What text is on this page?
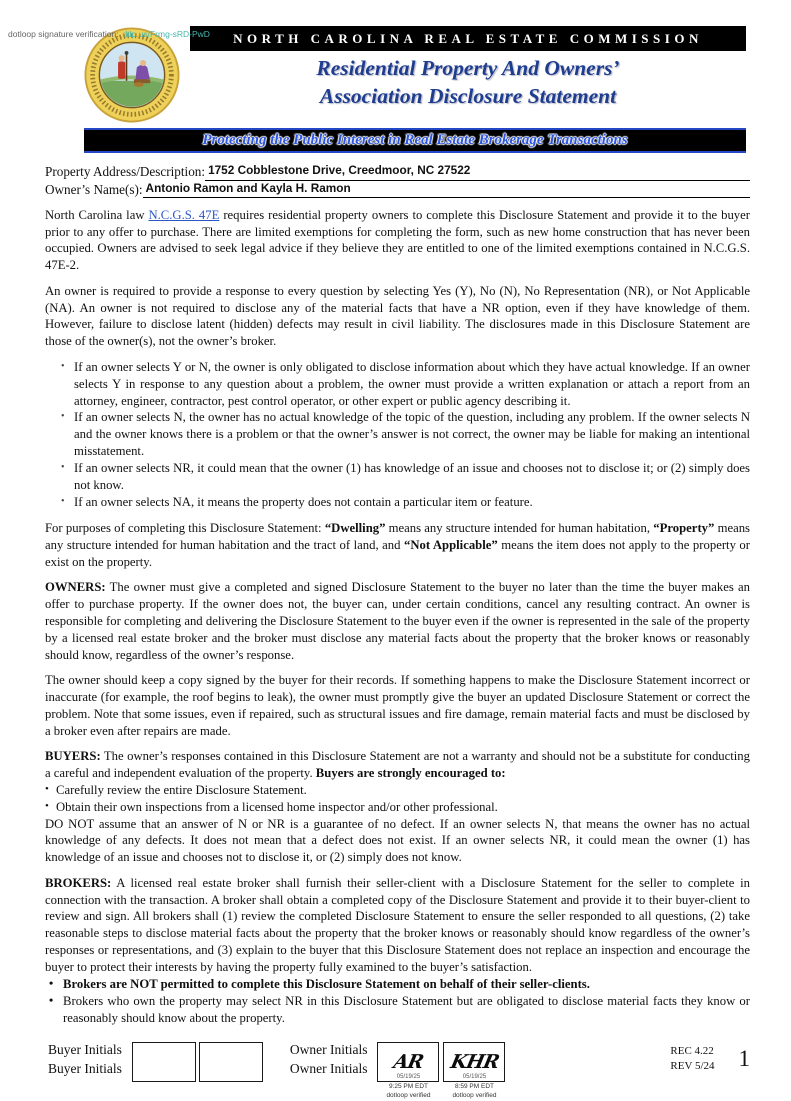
dotloop signature verification: dtlp.us/Frmg-sRD-PwD	NORTH CAROLINA REAL ESTATE COMMISSION
Residential Property And Owners’
Association Disclosure Statement
Protecting the Public Interest in Real Estate Brokerage Transactions
Property Address/Description: 1752 Cobblestone Drive, Creedmoor, NC 27522
Owner’s Name(s): Antonio Ramon and Kayla H. Ramon

North Carolina law N.C.G.S. 47E requires residential property owners to complete this Disclosure Statement and provide it to the buyer prior to any offer to purchase. There are limited exemptions for completing the form, such as new home construction that has never been occupied. Owners are advised to seek legal advice if they believe they are entitled to one of the limited exemptions contained in N.C.G.S. 47E-2.

An owner is required to provide a response to every question by selecting Yes (Y), No (N), No Representation (NR), or Not Applicable (NA). An owner is not required to disclose any of the material facts that have a NR option, even if they have knowledge of them. However, failure to disclose latent (hidden) defects may result in civil liability. The disclosures made in this Disclosure Statement are those of the owner(s), not the owner’s broker.

• If an owner selects Y or N, the owner is only obligated to disclose information about which they have actual knowledge. If an owner selects Y in response to any question about a problem, the owner must provide a written explanation or attach a report from an attorney, engineer, contractor, pest control operator, or other expert or public agency describing it.
• If an owner selects N, the owner has no actual knowledge of the topic of the question, including any problem. If the owner selects N and the owner knows there is a problem or that the owner’s answer is not correct, the owner may be liable for making an intentional misstatement.
• If an owner selects NR, it could mean that the owner (1) has knowledge of an issue and chooses not to disclose it; or (2) simply does not know.
• If an owner selects NA, it means the property does not contain a particular item or feature.

For purposes of completing this Disclosure Statement: “Dwelling” means any structure intended for human habitation, “Property” means any structure intended for human habitation and the tract of land, and “Not Applicable” means the item does not apply to the property or exist on the property.

OWNERS: The owner must give a completed and signed Disclosure Statement to the buyer no later than the time the buyer makes an offer to purchase property. If the owner does not, the buyer can, under certain conditions, cancel any resulting contract. An owner is responsible for completing and delivering the Disclosure Statement to the buyer even if the owner is represented in the sale of the property by a licensed real estate broker and the broker must disclose any material facts about the property that the broker knows or reasonably should know, regardless of the owner’s response.

The owner should keep a copy signed by the buyer for their records. If something happens to make the Disclosure Statement incorrect or inaccurate (for example, the roof begins to leak), the owner must promptly give the buyer an updated Disclosure Statement or correct the problem. Note that some issues, even if repaired, such as structural issues and fire damage, remain material facts and must be disclosed by a broker even after repairs are made.

BUYERS: The owner’s responses contained in this Disclosure Statement are not a warranty and should not be a substitute for conducting a careful and independent evaluation of the property. Buyers are strongly encouraged to:

• Carefully review the entire Disclosure Statement.
• Obtain their own inspections from a licensed home inspector and/or other professional.

DO NOT assume that an answer of N or NR is a guarantee of no defect. If an owner selects N, that means the owner has no actual knowledge of any defects. It does not mean that a defect does not exist. If an owner selects NR, it could mean the owner (1) has knowledge of an issue and chooses not to disclose it, or (2) simply does not know.

BROKERS: A licensed real estate broker shall furnish their seller-client with a Disclosure Statement for the seller to complete in connection with the transaction. A broker shall obtain a completed copy of the Disclosure Statement and provide it to their buyer-client to review and sign. All brokers shall (1) review the completed Disclosure Statement to ensure the seller responded to all questions, (2) take reasonable steps to disclose material facts about the property that the broker knows or reasonably should know regardless of the owner’s responses or representations, and (3) explain to the buyer that this Disclosure Statement does not replace an inspection and encourage the buyer to protect their interests by having the property fully examined to the buyer’s satisfaction.

• Brokers are NOT permitted to complete this Disclosure Statement on behalf of their seller-clients.
• Brokers who own the property may select NR in this Disclosure Statement but are obligated to disclose material facts they know or reasonably should know about the property.
Buyer Initials
Buyer Initials
Owner Initials
Owner Initials AR
05/19/25
9:25 PM EDT
dotloop verified
KHR
05/19/25
8:59 PM EDT
dotloop verified
REC 4.22
REV 5/24 1
